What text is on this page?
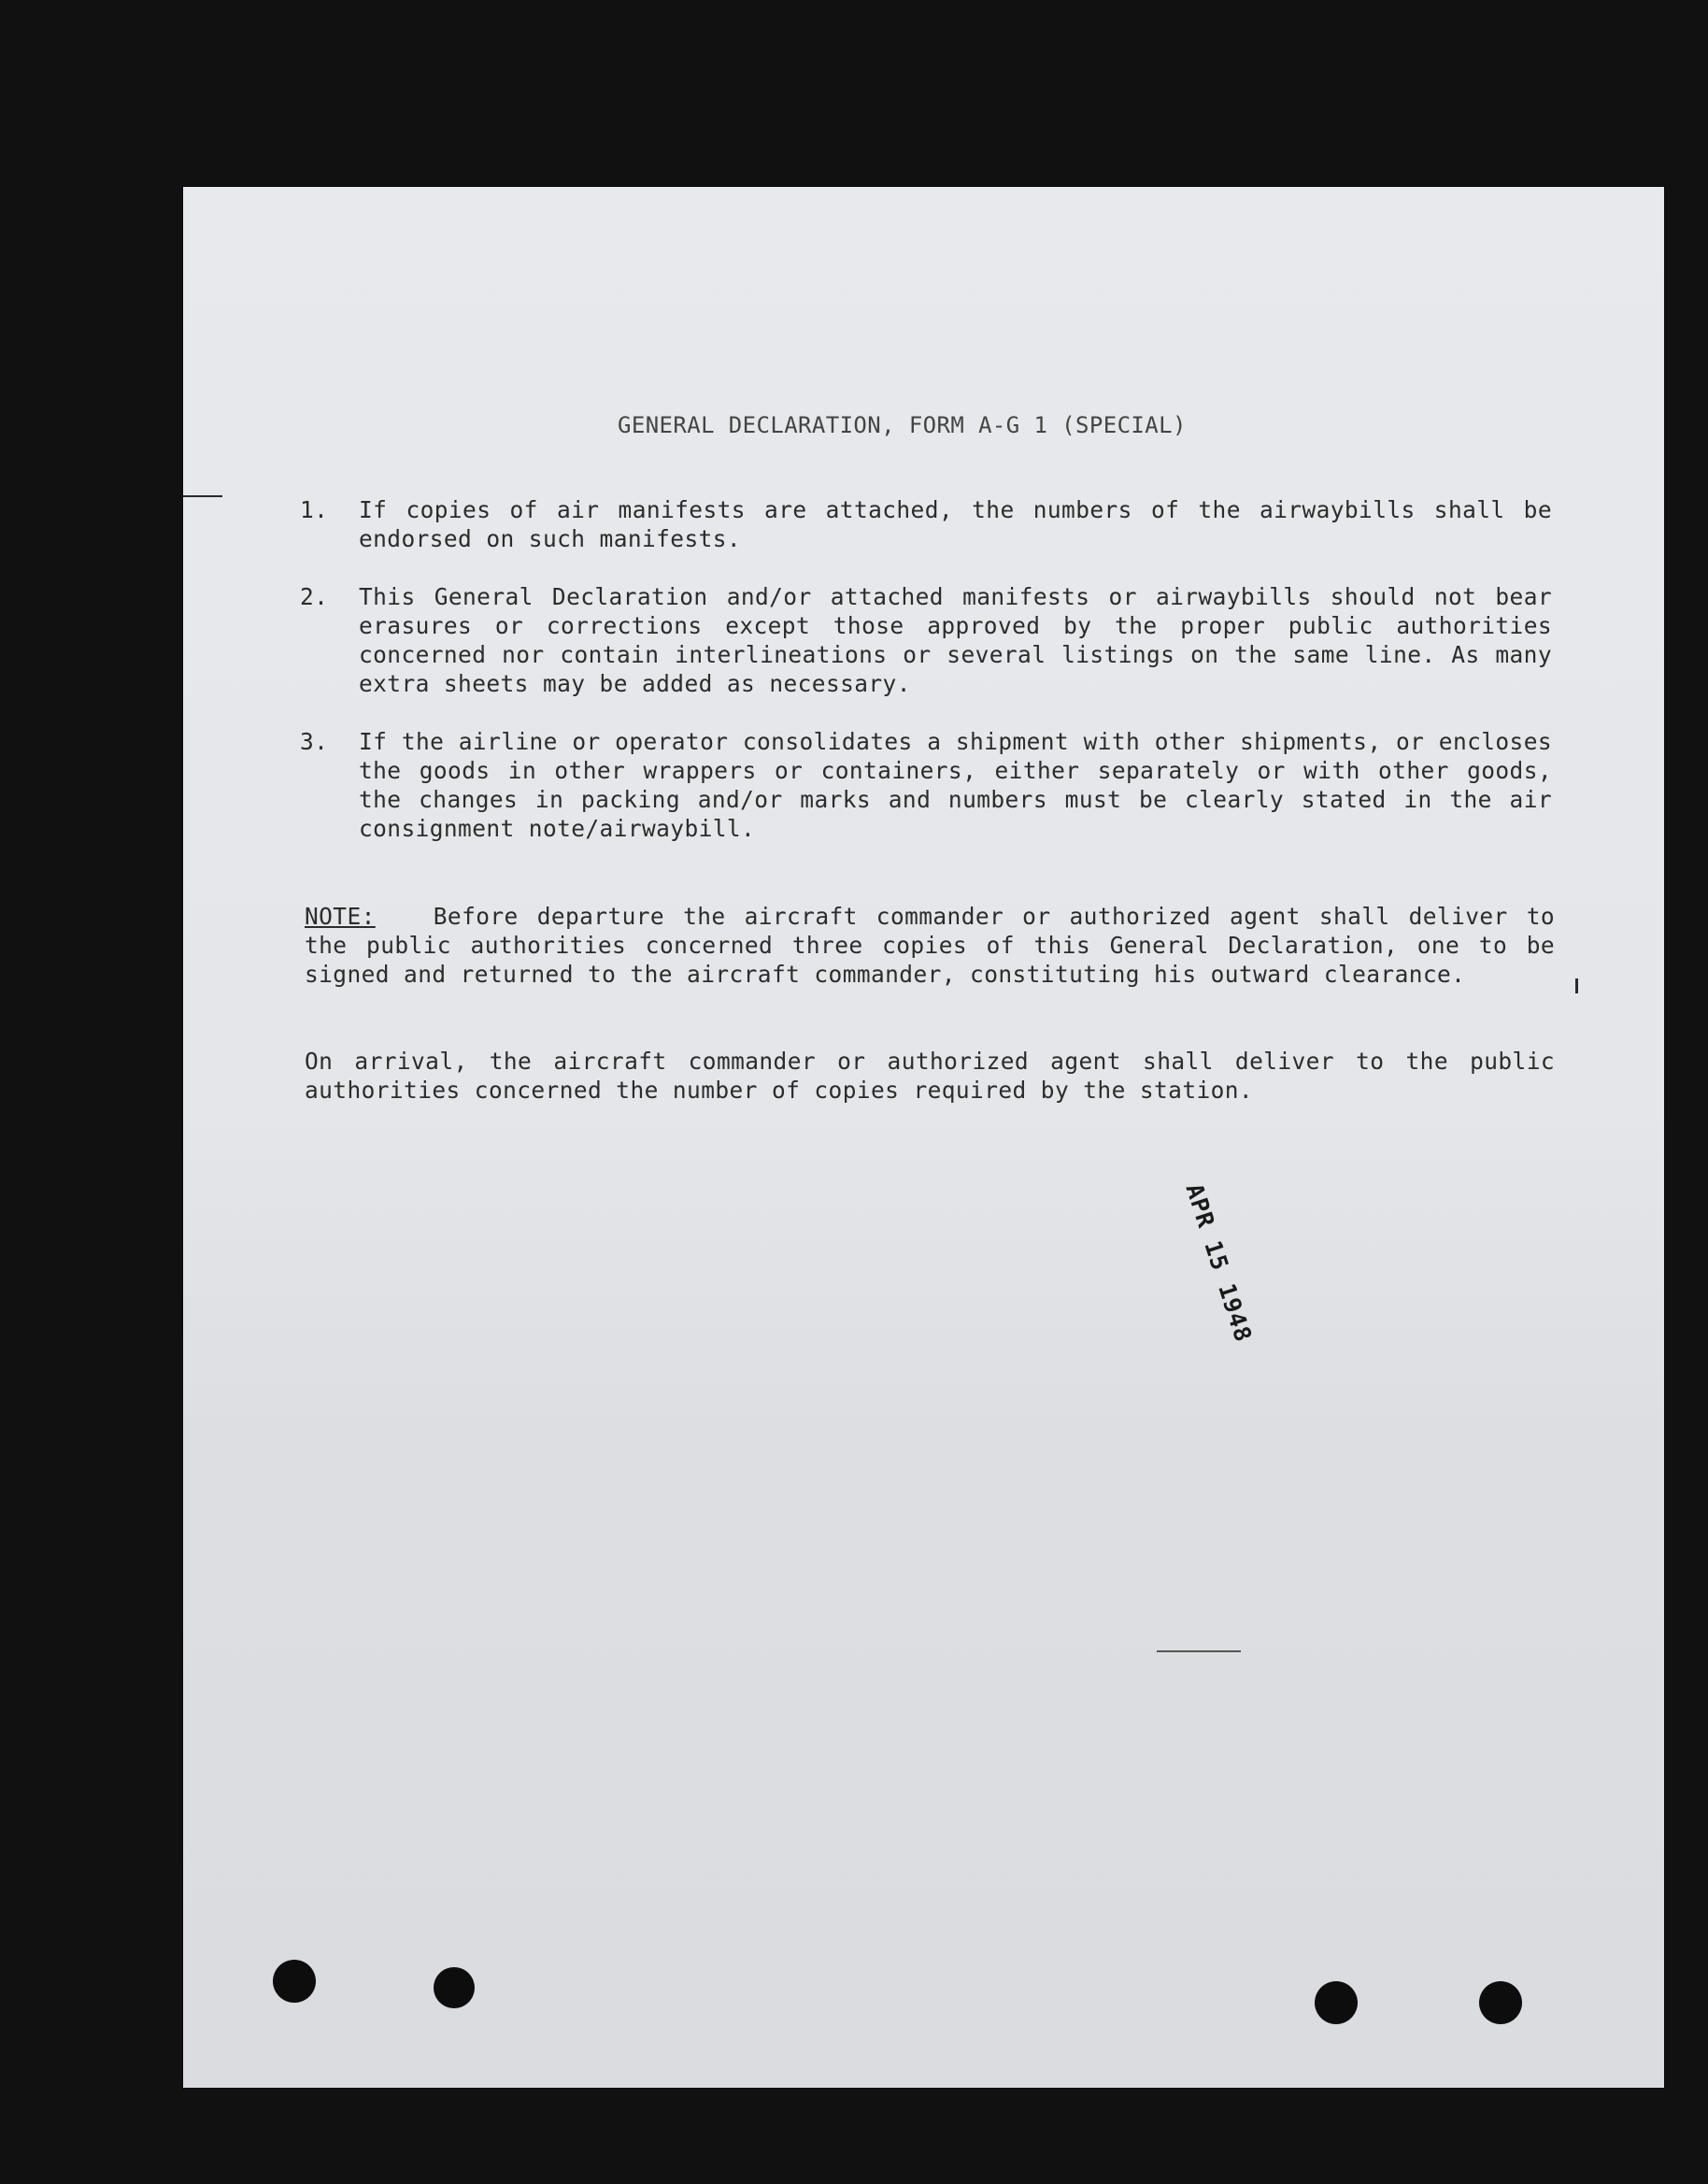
GENERAL DECLARATION, FORM A-G 1 (SPECIAL)
1.	If copies of air manifests are attached, the numbers of the airwaybills shall be endorsed on such manifests.
2.	This General Declaration and/or attached manifests or airwaybills should not bear erasures or corrections except those approved by the proper public authorities concerned nor contain interlineations or several listings on the same line. As many extra sheets may be added as necessary.
3.	If the airline or operator consolidates a shipment with other shipments, or encloses the goods in other wrappers or containers, either separately or with other goods, the changes in packing and/or marks and numbers must be clearly stated in the air consignment note/airwaybill.
NOTE:	Before departure the aircraft commander or authorized agent shall deliver to the public authorities concerned three copies of this General Declaration, one to be signed and returned to the aircraft commander, constituting his outward clearance.
On arrival, the aircraft commander or authorized agent shall deliver to the public authorities concerned the number of copies required by the station.
APR 15 1948
